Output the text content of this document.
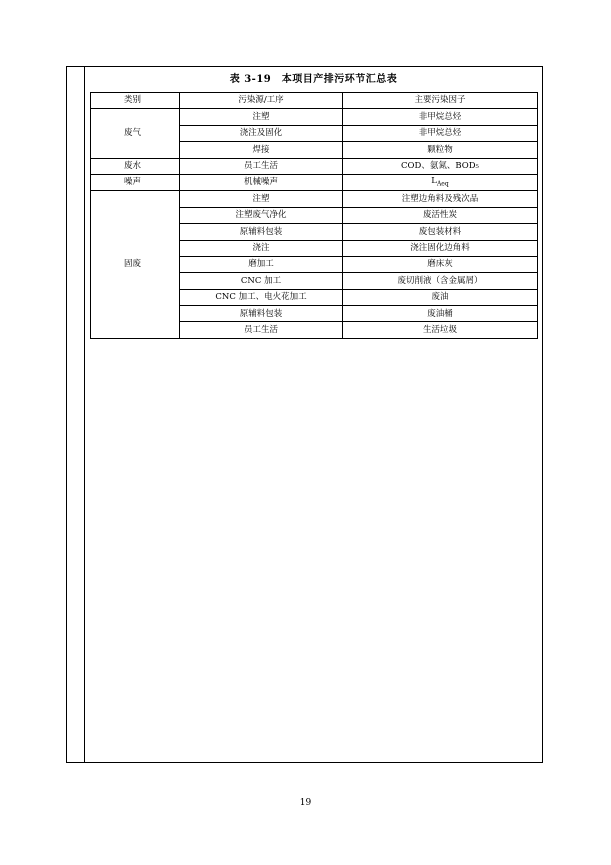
表 3-19　本项目产排污环节汇总表
类别	污染源/工序	主要污染因子
废气	注塑	非甲烷总烃
	浇注及固化	非甲烷总烃
	焊接	颗粒物
废水	员工生活	COD、氨氮、BOD₅
噪声	机械噪声	$L_{Aeq}$
固废	注塑	注塑边角料及残次品
	注塑废气净化	废活性炭
	原辅料包装	废包装材料
	浇注	浇注固化边角料
	磨加工	磨床灰
	CNC 加工	废切削液（含金属屑）
	CNC 加工、电火花加工	废油
	原辅料包装	废油桶
	员工生活	生活垃圾
19
